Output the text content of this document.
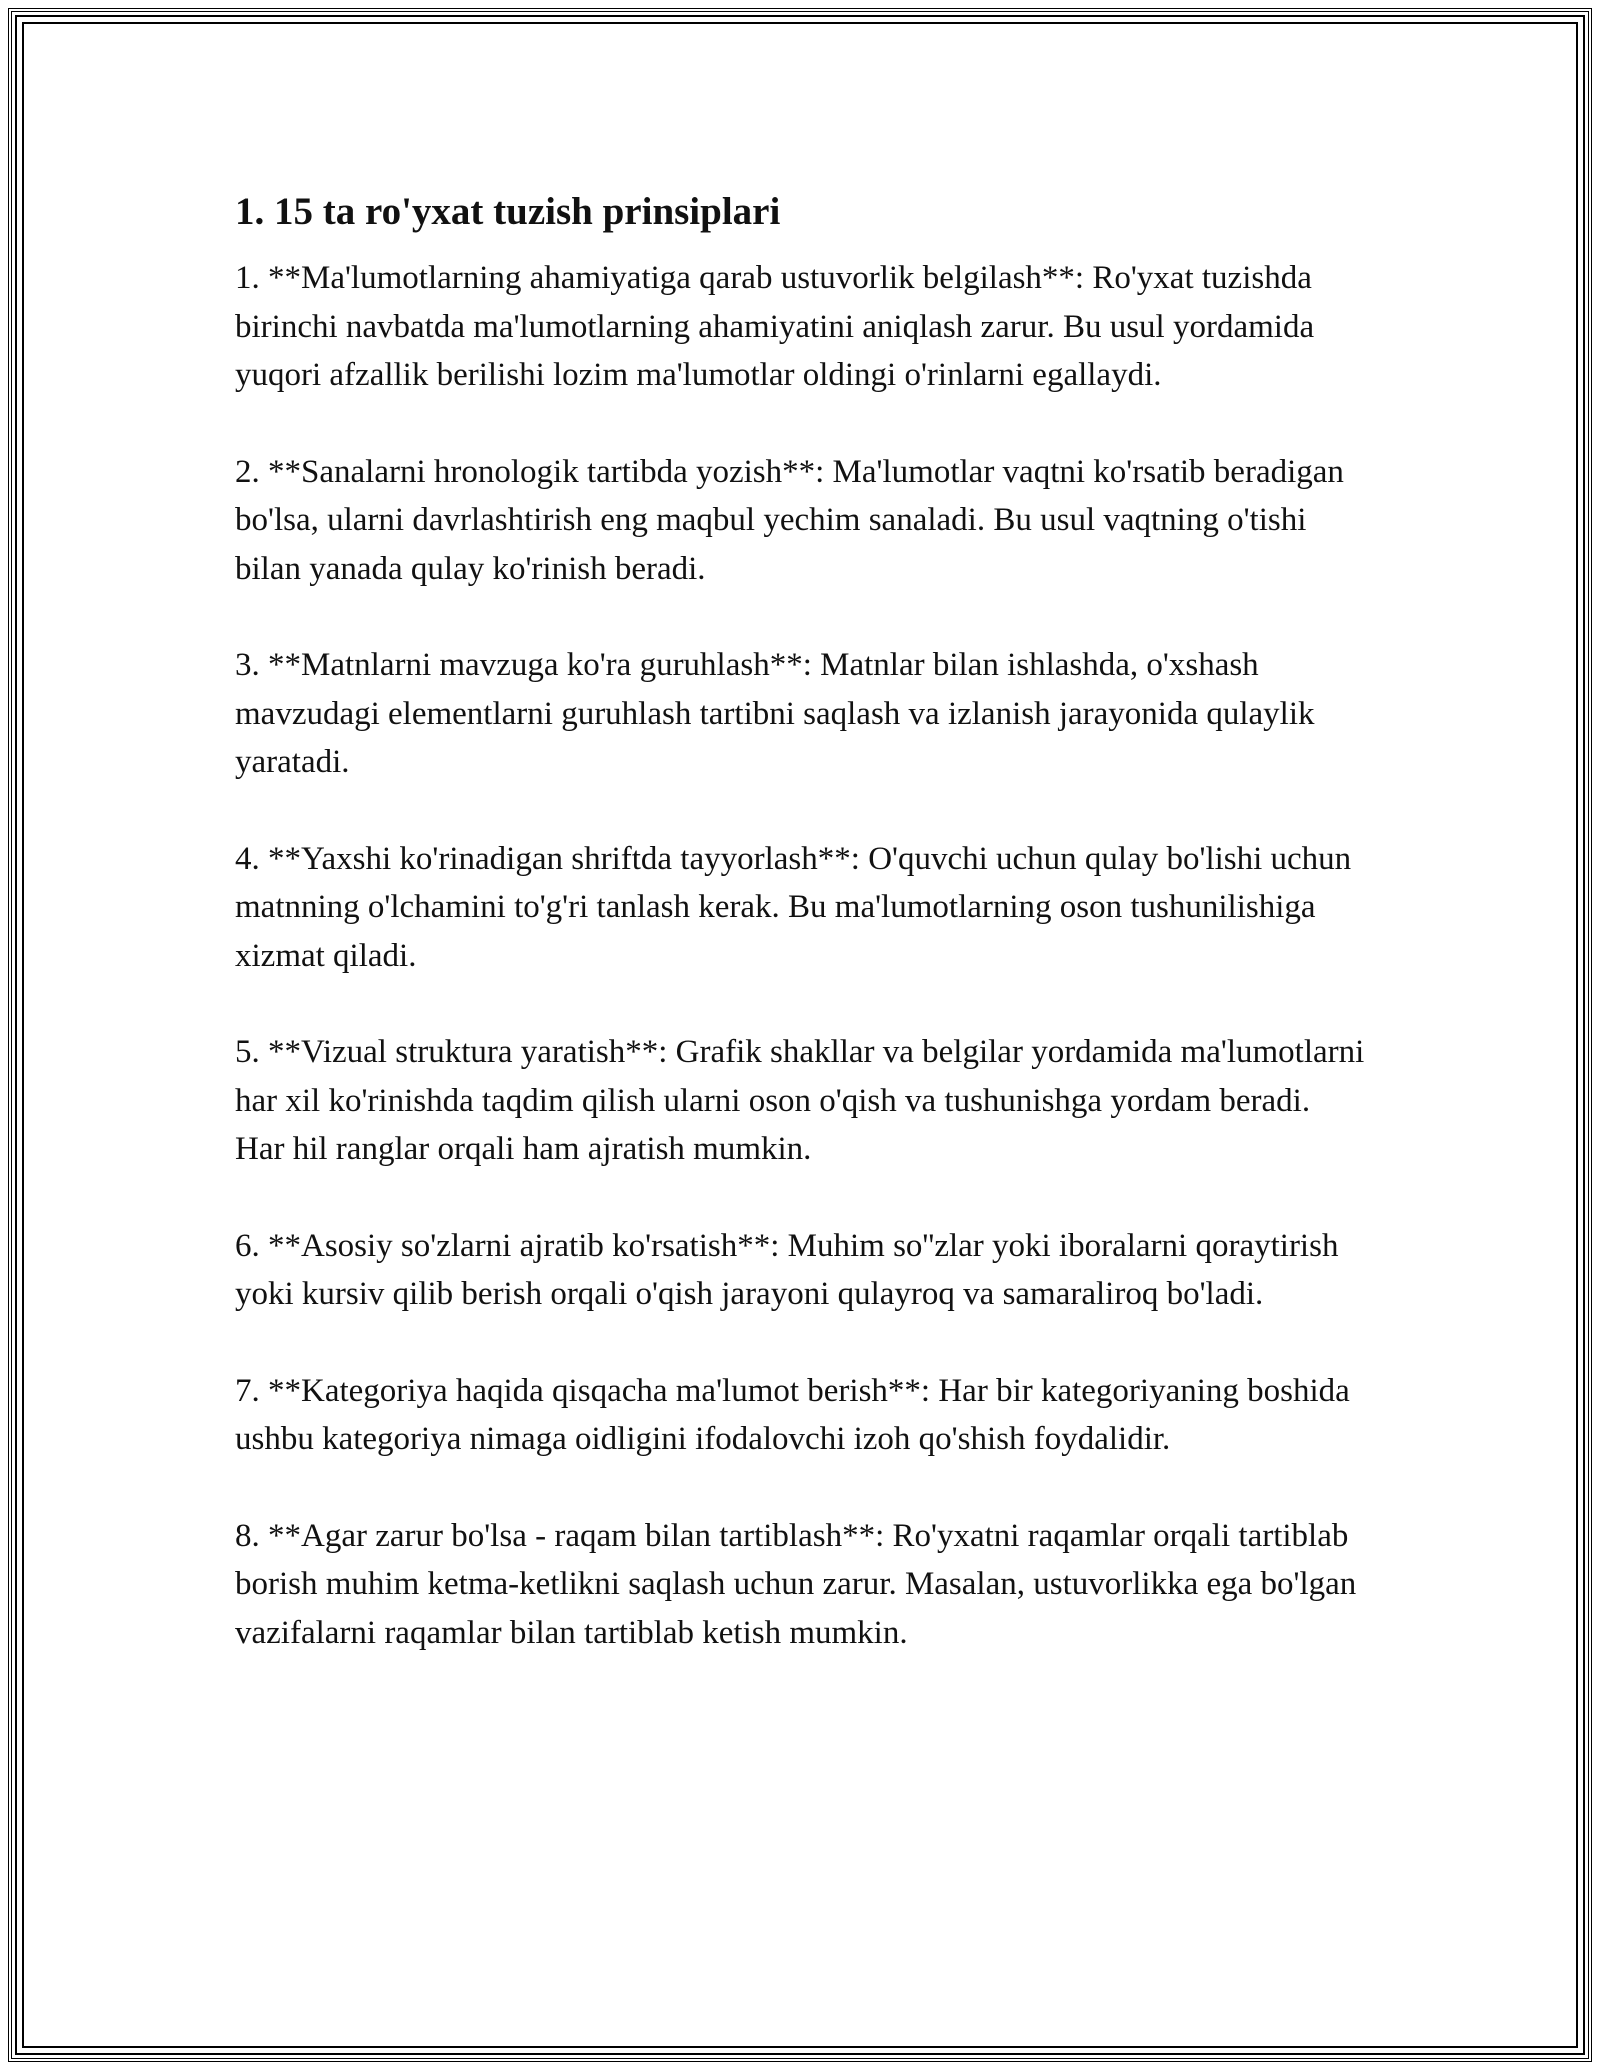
1. 15 ta ro'yxat tuzish prinsiplari

1. **Ma'lumotlarning ahamiyatiga qarab ustuvorlik belgilash**: Ro'yxat tuzishda birinchi navbatda ma'lumotlarning ahamiyatini aniqlash zarur. Bu usul yordamida yuqori afzallik berilishi lozim ma'lumotlar oldingi o'rinlarni egallaydi.

2. **Sanalarni hronologik tartibda yozish**: Ma'lumotlar vaqtni ko'rsatib beradigan bo'lsa, ularni davrlashtirish eng maqbul yechim sanaladi. Bu usul vaqtning o'tishi bilan yanada qulay ko'rinish beradi.

3. **Matnlarni mavzuga ko'ra guruhlash**: Matnlar bilan ishlashda, o'xshash mavzudagi elementlarni guruhlash tartibni saqlash va izlanish jarayonida qulaylik yaratadi.

4. **Yaxshi ko'rinadigan shriftda tayyorlash**: O'quvchi uchun qulay bo'lishi uchun matnning o'lchamini to'g'ri tanlash kerak. Bu ma'lumotlarning oson tushunilishiga xizmat qiladi.

5. **Vizual struktura yaratish**: Grafik shakllar va belgilar yordamida ma'lumotlarni har xil ko'rinishda taqdim qilish ularni oson o'qish va tushunishga yordam beradi. Har hil ranglar orqali ham ajratish mumkin.

6. **Asosiy so'zlarni ajratib ko'rsatish**: Muhim so''zlar yoki iboralarni qoraytirish yoki kursiv qilib berish orqali o'qish jarayoni qulayroq va samaraliroq bo'ladi.

7. **Kategoriya haqida qisqacha ma'lumot berish**: Har bir kategoriyaning boshida ushbu kategoriya nimaga oidligini ifodalovchi izoh qo'shish foydalidir.

8. **Agar zarur bo'lsa - raqam bilan tartiblash**: Ro'yxatni raqamlar orqali tartiblab borish muhim ketma-ketlikni saqlash uchun zarur. Masalan, ustuvorlikka ega bo'lgan vazifalarni raqamlar bilan tartiblab ketish mumkin.
